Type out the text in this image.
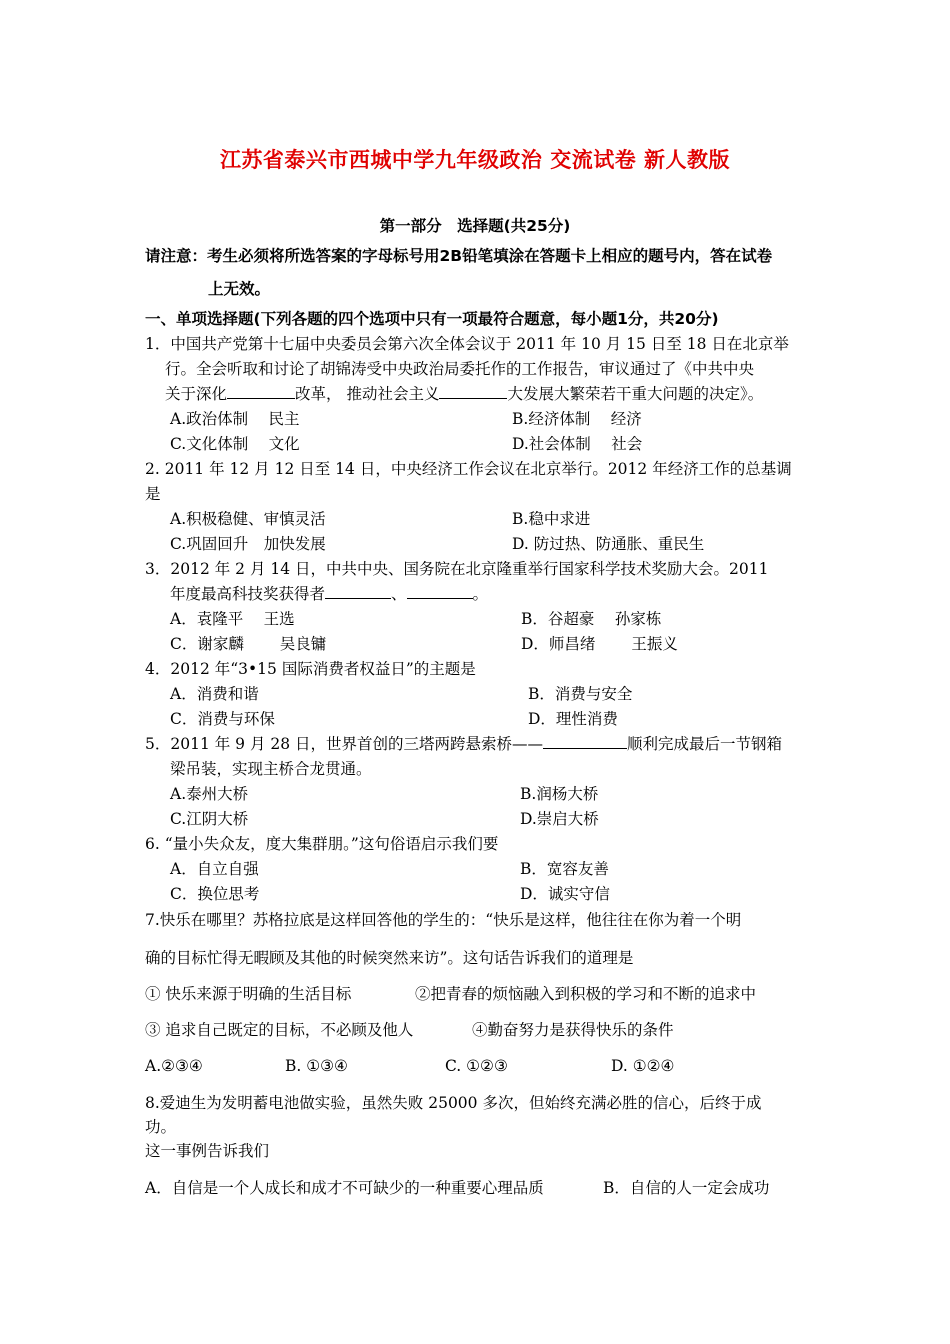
江苏省泰兴市西城中学九年级政治 交流试卷 新人教版
第一部分　选择题(共25分)
请注意：考生必须将所选答案的字母标号用2B铅笔填涂在答题卡上相应的题号内，答在试卷
上无效。
一、单项选择题(下列各题的四个选项中只有一项最符合题意，每小题1分，共20分)
1．中国共产党第十七届中央委员会第六次全体会议于 2011 年 10 月 15 日至 18 日在北京举
行。全会听取和讨论了胡锦涛受中央政治局委托作的工作报告，审议通过了《中共中央
关于深化	改革， 推动社会主义	大发展大繁荣若干重大问题的决定》。
A.政治体制　 民主	B.经济体制　 经济
C.文化体制　 文化	D.社会体制　 社会
2. 2011 年 12 月 12 日至 14 日，中央经济工作会议在北京举行。2012 年经济工作的总基调
是
A.积极稳健、审慎灵活	B.稳中求进
C.巩固回升　加快发展	D. 防过热、防通胀、重民生
3．2012 年 2 月 14 日，中共中央、国务院在北京隆重举行国家科学技术奖励大会。2011
年度最高科技奖获得者	、	。
A．袁隆平　 王选	B．谷超豪　 孙家栋
C．谢家麟　　 吴良镛	D．师昌绪　　 王振义
4．2012 年“3•15 国际消费者权益日”的主题是
A．消费和谐	B．消费与安全
C．消费与环保	D．理性消费
5．2011 年 9 月 28 日，世界首创的三塔两跨悬索桥——	顺利完成最后一节钢箱
梁吊装，实现主桥合龙贯通。
A.泰州大桥	B.润杨大桥
C.江阴大桥	D.崇启大桥
6. “量小失众友，度大集群朋。”这句俗语启示我们要
A．自立自强	B．宽容友善
C．换位思考	D．诚实守信
7.快乐在哪里？苏格拉底是这样回答他的学生的：“快乐是这样，他往往在你为着一个明
确的目标忙得无暇顾及其他的时候突然来访”。这句话告诉我们的道理是
① 快乐来源于明确的生活目标	②把青春的烦恼融入到积极的学习和不断的追求中
③ 追求自己既定的目标，不必顾及他人	④勤奋努力是获得快乐的条件
A.②③④	B. ①③④	C. ①②③	D. ①②④
8.爱迪生为发明蓄电池做实验，虽然失败 25000 多次，但始终充满必胜的信心，后终于成
功。
这一事例告诉我们
A．自信是一个人成长和成才不可缺少的一种重要心理品质	B．自信的人一定会成功
